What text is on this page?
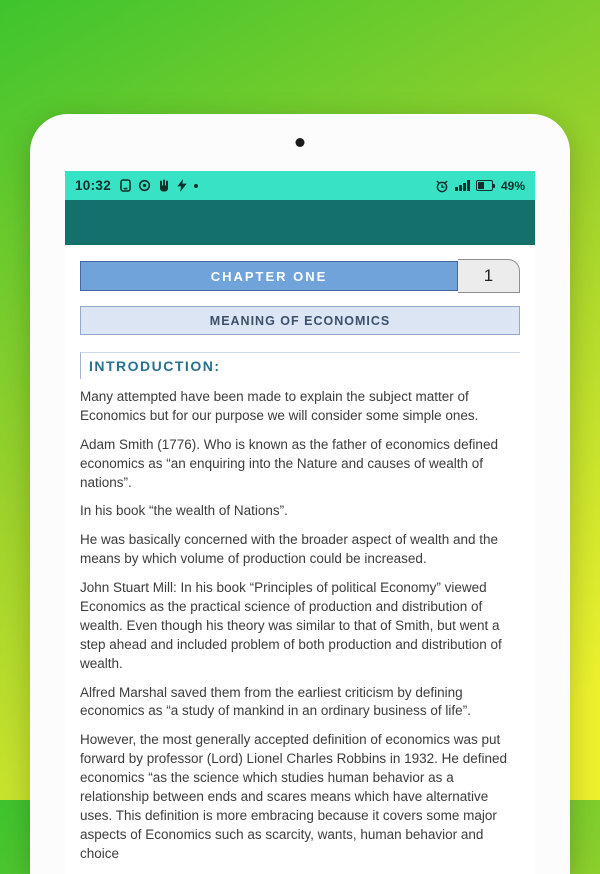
10:32	49%
CHAPTER ONE	1
MEANING OF ECONOMICS
INTRODUCTION:

Many attempted have been made to explain the subject matter of Economics but for our purpose we will consider some simple ones.

Adam Smith (1776). Who is known as the father of economics defined economics as “an enquiring into the Nature and causes of wealth of nations”.

In his book “the wealth of Nations”.

He was basically concerned with the broader aspect of wealth and the means by which volume of production could be increased.

John Stuart Mill: In his book “Principles of political Economy” viewed Economics as the practical science of production and distribution of wealth. Even though his theory was similar to that of Smith, but went a step ahead and included problem of both production and distribution of wealth.

Alfred Marshal saved them from the earliest criticism by defining economics as “a study of mankind in an ordinary business of life”.

However, the most generally accepted definition of economics was put forward by professor (Lord) Lionel Charles Robbins in 1932. He defined economics “as the science which studies human behavior as a relationship between ends and scares means which have alternative uses. This definition is more embracing because it covers some major aspects of Economics such as scarcity, wants, human behavior and choice
